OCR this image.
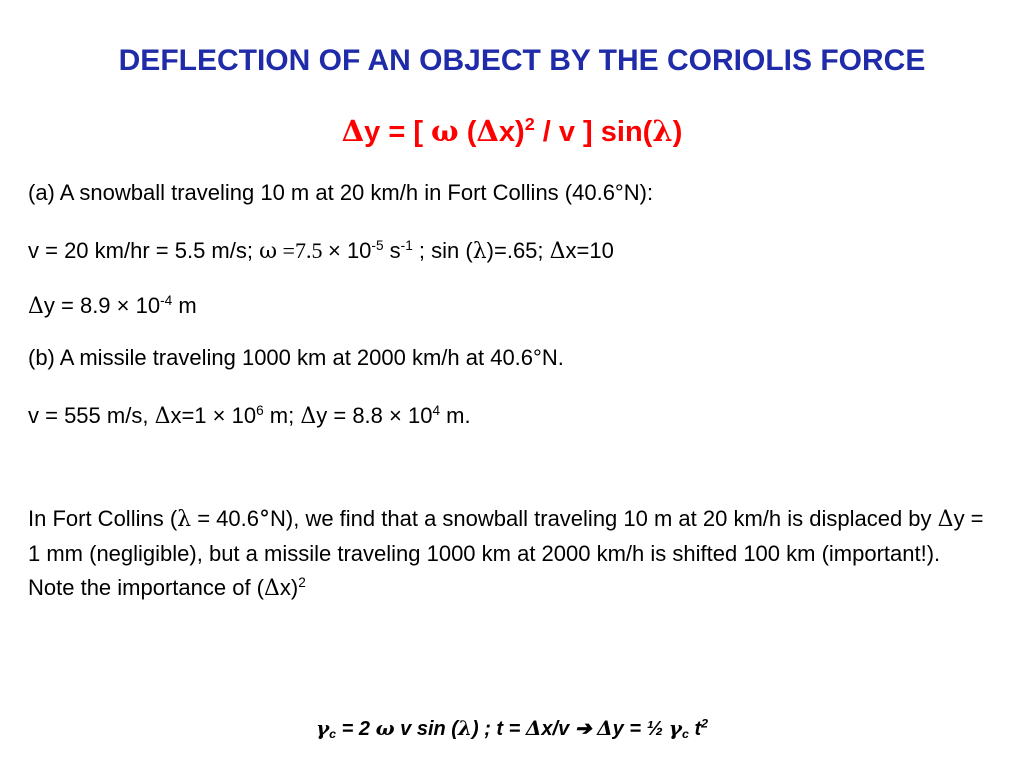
DEFLECTION OF AN OBJECT BY THE CORIOLIS FORCE
Δy = [ ω $(\Delta x)^2$ / v ] sin(λ)
(a) A snowball traveling 10 m at 20 km/h in Fort Collins (40.6°N):
v = 20 km/hr = 5.5 m/s; $\omega =7.5 \times 10^{-5}$ $s^{-1}$ ; sin (λ)=.65; Δx=10
$\Delta y = 8.9 \times 10^{-4}$ m
(b) A missile traveling 1000 km at 2000 km/h at 40.6°N.
v = 555 m/s, $\Delta x=1 \times 10^6$ m; $\Delta y = 8.8 \times 10^4$ m.
In Fort Collins (λ = 40.6°N), we find that a snowball traveling 10 m at 20 km/h is displaced by Δy = 1 mm (negligible), but a missile traveling 1000 km at 2000 km/h is shifted 100 km (important!). Note the importance of $(\Delta x)^2$
$\gamma_c = 2$ ω v sin (λ) ; t = Δx/v ➔ Δy = ½ $\gamma_c$ $t^2$
